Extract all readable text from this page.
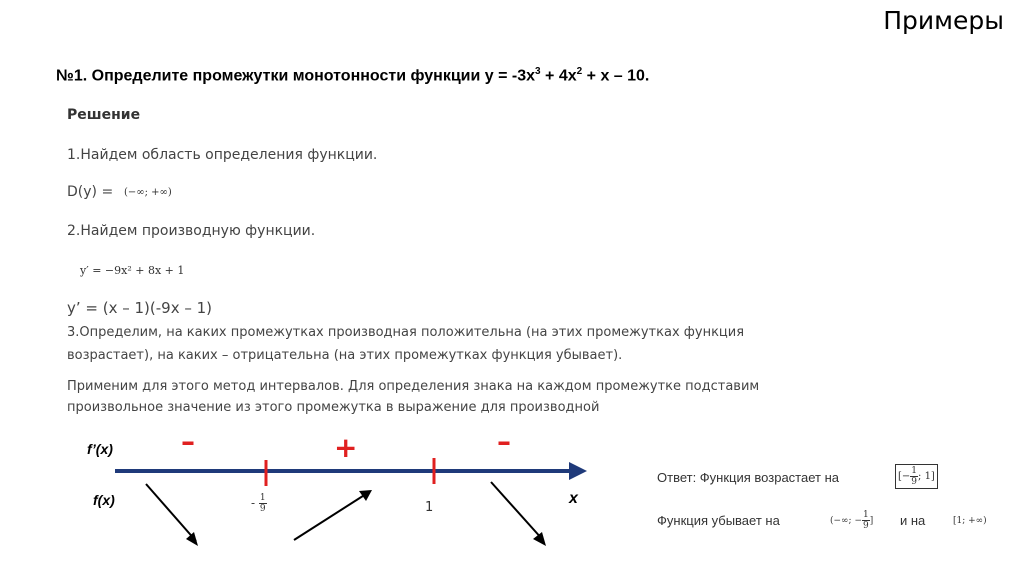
Примеры
№1. Определите промежутки монотонности функции $y = -3x^3 + 4x^2 + x - 10$.
Решение
1.Найдем область определения функции.
D(y) = (−∞; +∞)
2.Найдем производную функции.
y′ = −9x² + 8x + 1
y’ = (x – 1)(-9x – 1)
3.Определим, на каких промежутках производная положительна (на этих промежутках функция возрастает), на каких – отрицательна (на этих промежутках функция убывает).
Применим для этого метод интервалов. Для определения знака на каждом промежутке подставим произвольное значение из этого промежутка в выражение для производной
f’(x)
f(x)
–	+	–
x
- $\frac{1}{9}$	1
Ответ: Функция возрастает на	[− $\frac{1}{9}$ ; 1]
Функция убывает на	(−∞; − $\frac{1}{9}$ ] и на	[1; +∞)
